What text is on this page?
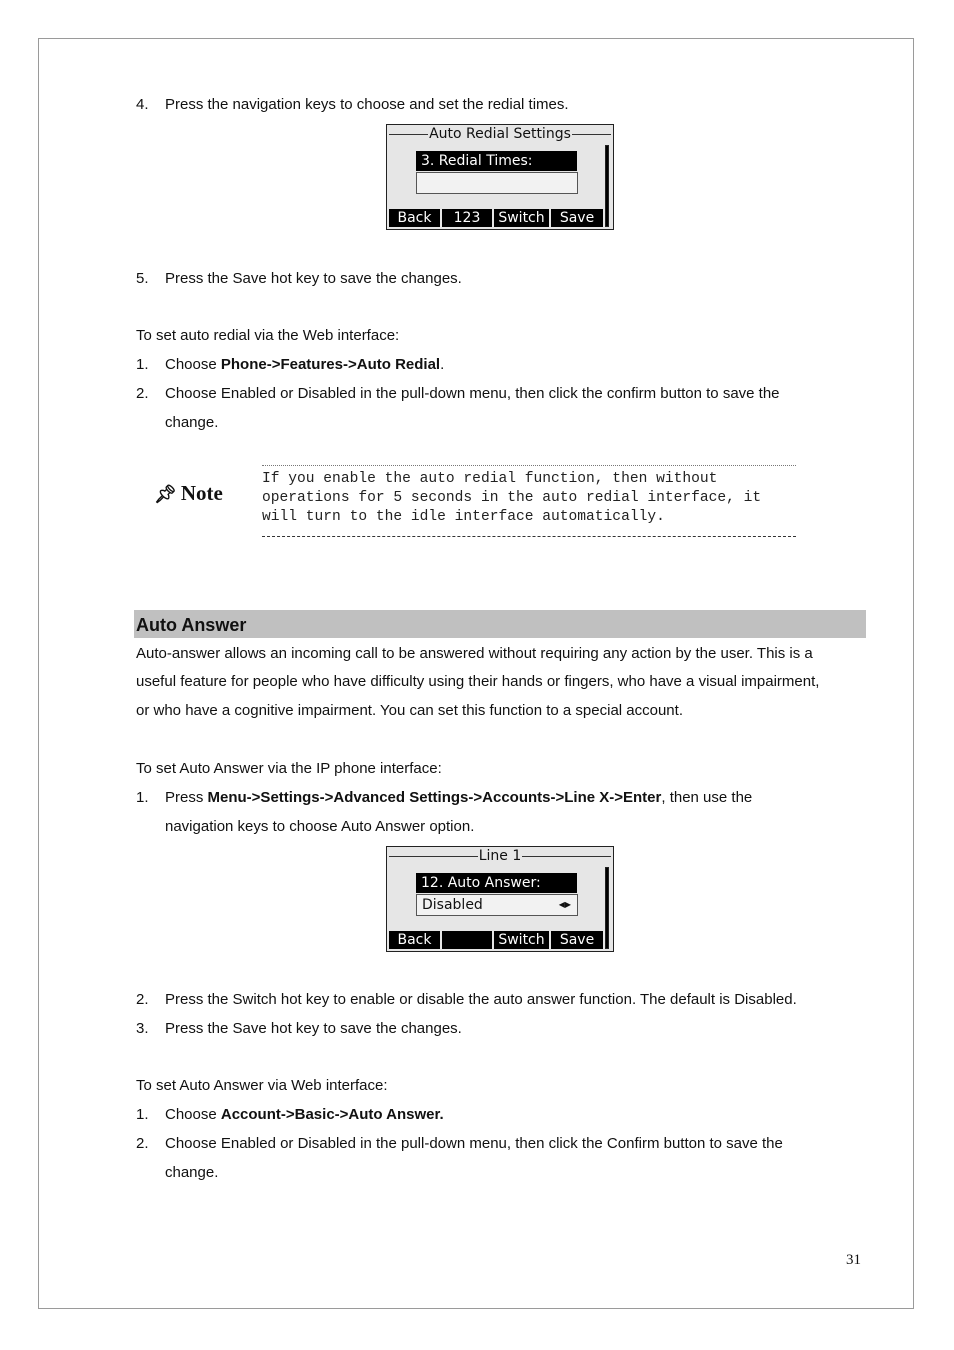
4. Press the navigation keys to choose and set the redial times.
Auto Redial Settings
3. Redial Times:
Back	123	Switch	Save
5. Press the Save hot key to save the changes.
To set auto redial via the Web interface:
1. Choose Phone->Features->Auto Redial.
2. Choose Enabled or Disabled in the pull-down menu, then click the confirm button to save the
change.
📌︎ Note
If you enable the auto redial function, then without
operations for 5 seconds in the auto redial interface, it
will turn to the idle interface automatically.
Auto Answer
Auto-answer allows an incoming call to be answered without requiring any action by the user. This is a
useful feature for people who have difficulty using their hands or fingers, who have a visual impairment,
or who have a cognitive impairment. You can set this function to a special account.
To set Auto Answer via the IP phone interface:
1. Press Menu->Settings->Advanced Settings->Accounts->Line X->Enter, then use the
navigation keys to choose Auto Answer option.
Line 1
12. Auto Answer:
Disabled	◀▶
Back	Switch	Save
2. Press the Switch hot key to enable or disable the auto answer function. The default is Disabled.
3. Press the Save hot key to save the changes.
To set Auto Answer via Web interface:
1. Choose Account->Basic->Auto Answer.
2. Choose Enabled or Disabled in the pull-down menu, then click the Confirm button to save the
change.
31
